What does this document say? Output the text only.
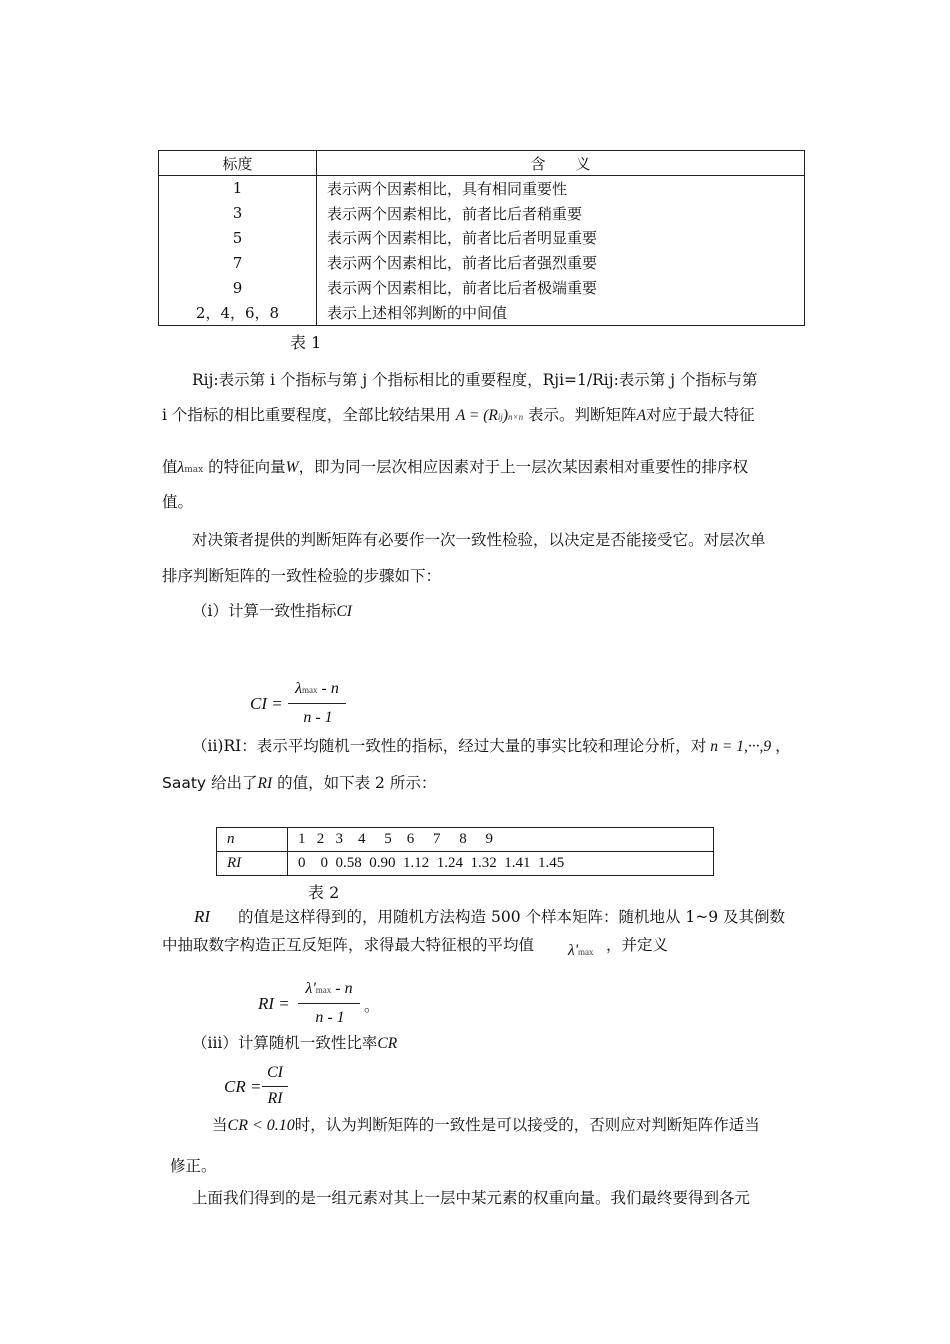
标度	含　　义
1	表示两个因素相比，具有相同重要性
3	表示两个因素相比，前者比后者稍重要
5	表示两个因素相比，前者比后者明显重要
7	表示两个因素相比，前者比后者强烈重要
9	表示两个因素相比，前者比后者极端重要
2，4，6，8	表示上述相邻判断的中间值
表 1
Rij:表示第 i 个指标与第 j 个指标相比的重要程度，Rji=1/Rij:表示第 j 个指标与第
i 个指标的相比重要程度，全部比较结果用 A = (Rij)n×n 表示。判断矩阵A对应于最大特征
值λmax 的特征向量W，即为同一层次相应因素对于上一层次某因素相对重要性的排序权
值。
对决策者提供的判断矩阵有必要作一次一致性检验，以决定是否能接受它。对层次单
排序判断矩阵的一致性检验的步骤如下：
（i）计算一致性指标CI
CI =
λmax - n
n - 1
（ii)RI：表示平均随机一致性的指标，经过大量的事实比较和理论分析，对 n = 1,···,9 ，
Saaty 给出了RI 的值，如下表 2 所示：
n	1   2   3    4     5    6     7     8     9
RI	0    0  0.58  0.90  1.12  1.24  1.32  1.41  1.45
表 2
RI 的值是这样得到的，用随机方法构造 500 个样本矩阵：随机地从 1~9 及其倒数
中抽取数字构造正互反矩阵，求得最大特征根的平均值 λ'max ，并定义
RI =
λ'max - n
n - 1
。
（iii）计算随机一致性比率CR
CR =
CI
RI
当CR < 0.10时，认为判断矩阵的一致性是可以接受的，否则应对判断矩阵作适当
修正。
上面我们得到的是一组元素对其上一层中某元素的权重向量。我们最终要得到各元
